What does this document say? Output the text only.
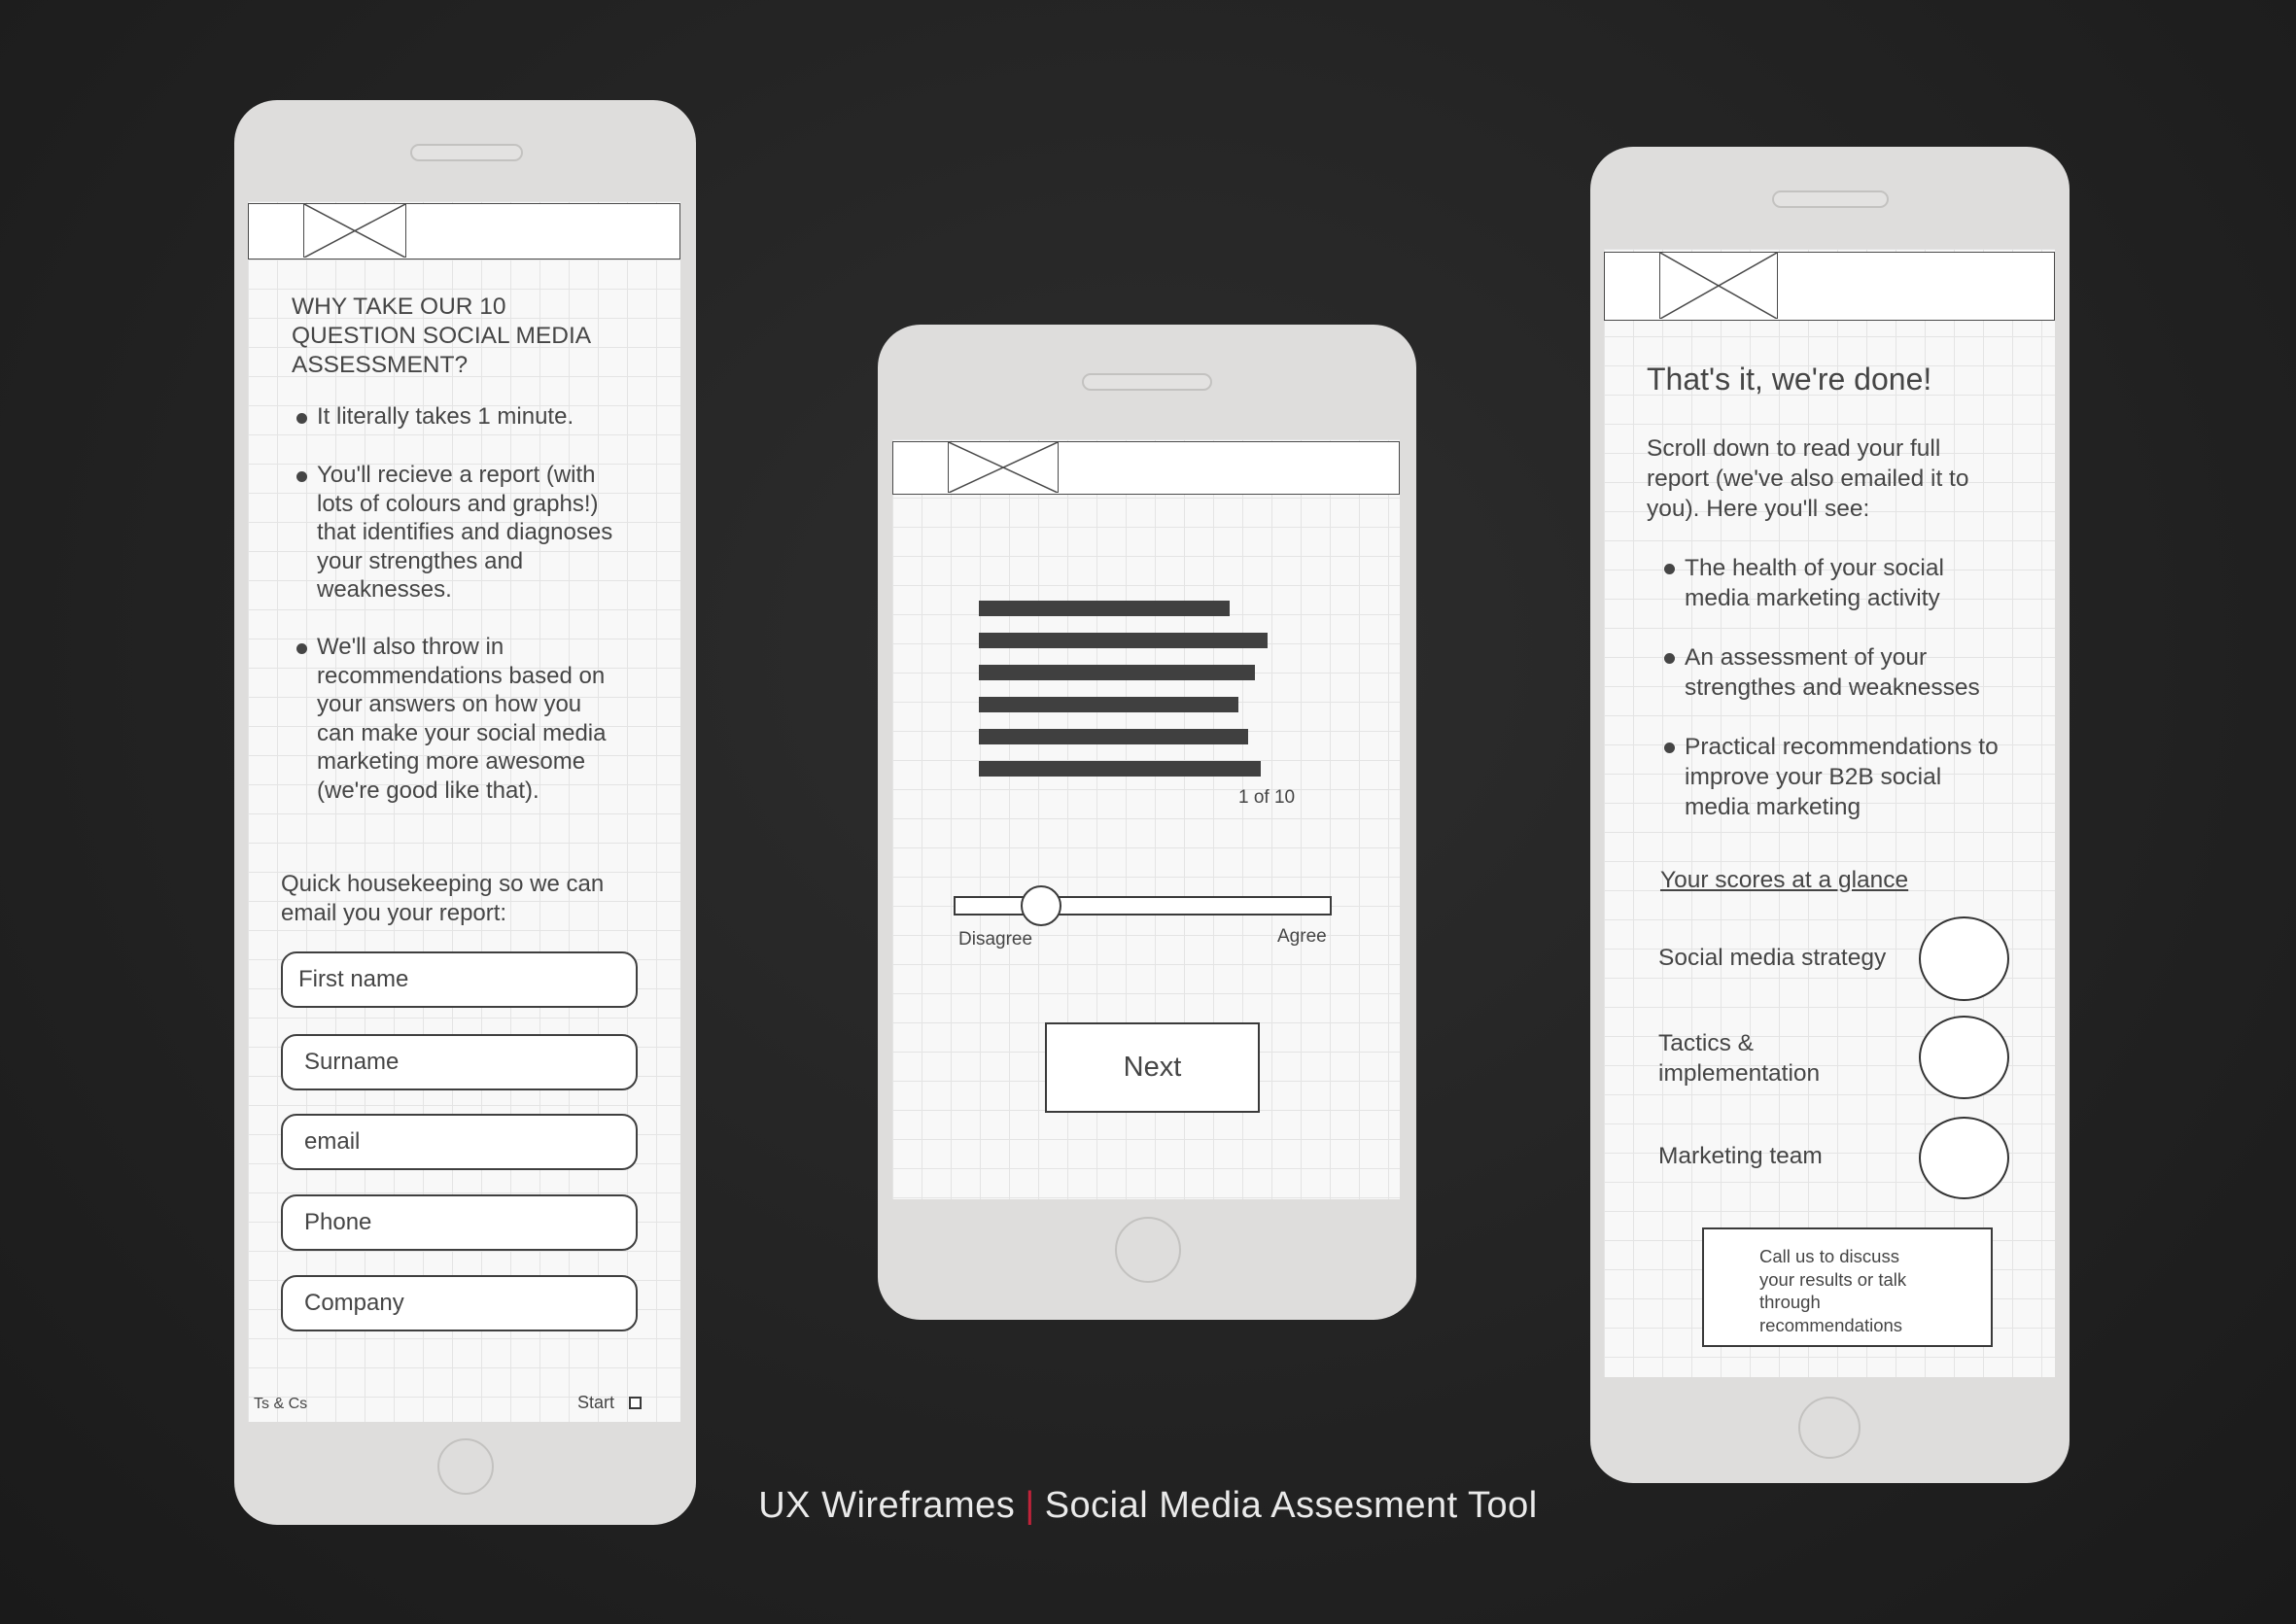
WHY TAKE OUR 10
QUESTION SOCIAL MEDIA
ASSESSMENT?
It literally takes 1 minute.
You'll recieve a report (with
lots of colours and graphs!)
that identifies and diagnoses
your strengthes and
weaknesses.
We'll also throw in
recommendations based on
your answers on how you
can make your social media
marketing more awesome
(we're good like that).
Quick housekeeping so we can
email you your report:
First name
Surname
email
Phone
Company
Ts & Cs	Start
1 of 10
Disagree	Agree
Next
That's it, we're done!
Scroll down to read your full
report (we've also emailed it to
you). Here you'll see:
The health of your social
media marketing activity
An assessment of your
strengthes and weaknesses
Practical recommendations to
improve your B2B social
media marketing
Your scores at a glance
Social media strategy
Tactics &
implementation
Marketing team
Call us to discuss
your results or talk
through
recommendations
UX Wireframes | Social Media Assesment Tool
